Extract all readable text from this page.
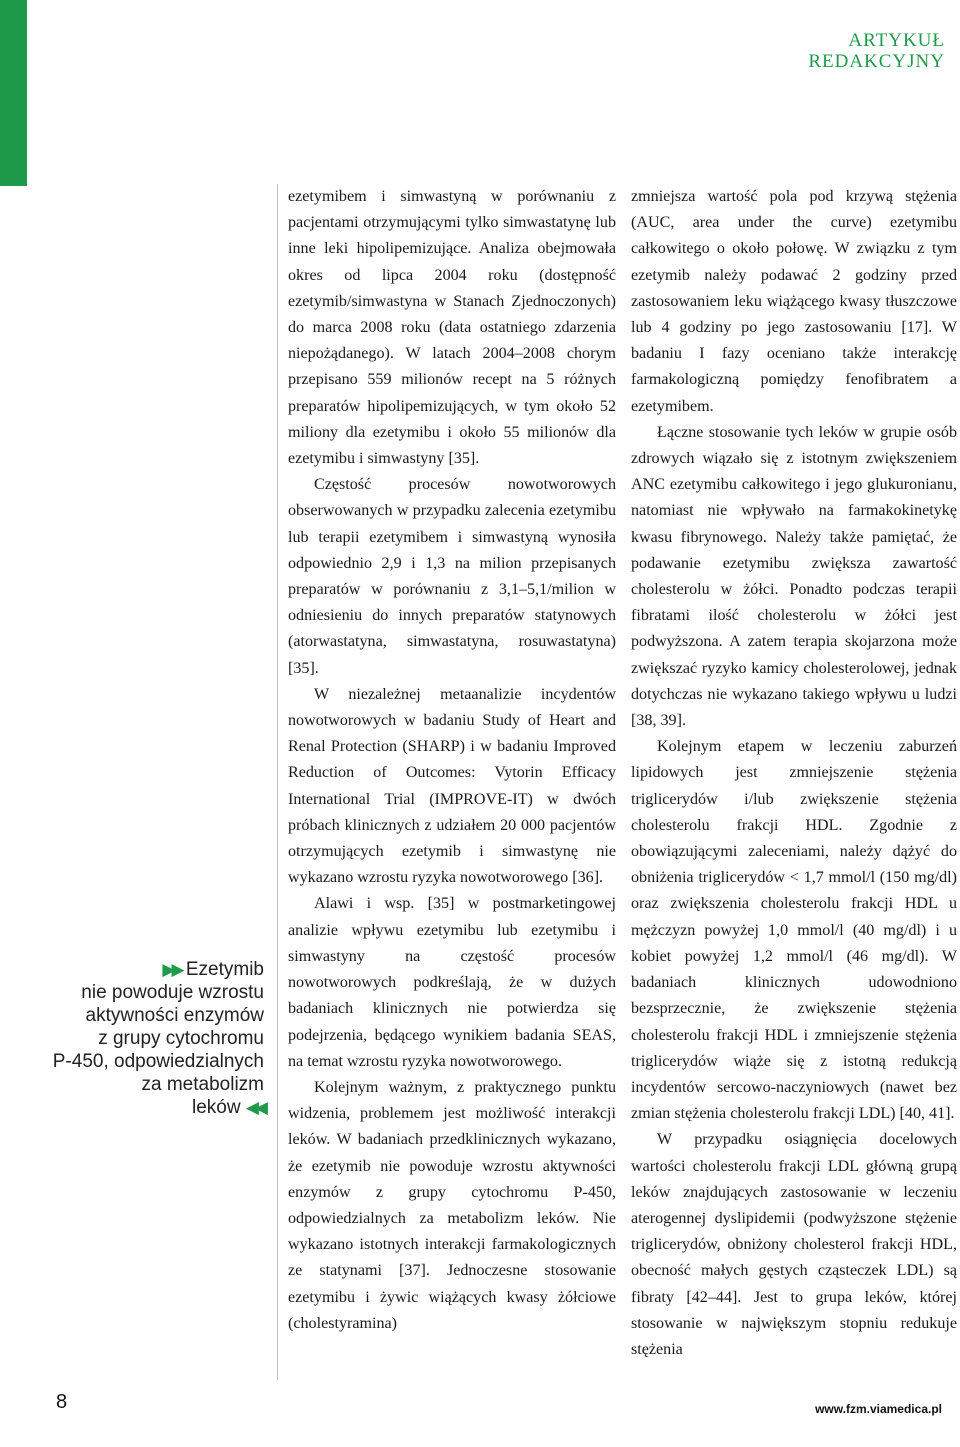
ARTYKUŁ
REDAKCYJNY
▶▶ Ezetymib
nie powoduje wzrostu
aktywności enzymów
z grupy cytochromu
P-450, odpowiedzialnych
za metabolizm
leków ◀◀

ezetymibem i simwastyną w porównaniu z pacjentami otrzymującymi tylko simwastatynę lub inne leki hipolipemizujące. Analiza obejmowała okres od lipca 2004 roku (dostępność ezetymib/simwastyna w Stanach Zjednoczonych) do marca 2008 roku (data ostatniego zdarzenia niepożądanego). W latach 2004–2008 chorym przepisano 559 milionów recept na 5 różnych preparatów hipolipemizujących, w tym około 52 miliony dla ezetymibu i około 55 milionów dla ezetymibu i simwastyny [35].

Częstość procesów nowotworowych obserwowanych w przypadku zalecenia ezetymibu lub terapii ezetymibem i simwastyną wynosiła odpowiednio 2,9 i 1,3 na milion przepisanych preparatów w porównaniu z 3,1–5,1/milion w odniesieniu do innych preparatów statynowych (atorwastatyna, simwastatyna, rosuwastatyna) [35].

W niezależnej metaanalizie incydentów nowotworowych w badaniu Study of Heart and Renal Protection (SHARP) i w badaniu Improved Reduction of Outcomes: Vytorin Efficacy International Trial (IMPROVE-IT) w dwóch próbach klinicznych z udziałem 20 000 pacjentów otrzymujących ezetymib i simwastynę nie wykazano wzrostu ryzyka nowotworowego [36].

Alawi i wsp. [35] w postmarketingowej analizie wpływu ezetymibu lub ezetymibu i simwastyny na częstość procesów nowotworowych podkreślają, że w dużych badaniach klinicznych nie potwierdza się podejrzenia, będącego wynikiem badania SEAS, na temat wzrostu ryzyka nowotworowego.

Kolejnym ważnym, z praktycznego punktu widzenia, problemem jest możliwość interakcji leków. W badaniach przedklinicznych wykazano, że ezetymib nie powoduje wzrostu aktywności enzymów z grupy cytochromu P-450, odpowiedzialnych za metabolizm leków. Nie wykazano istotnych interakcji farmakologicznych ze statynami [37]. Jednoczesne stosowanie ezetymibu i żywic wiążących kwasy żółciowe (cholestyramina)

zmniejsza wartość pola pod krzywą stężenia (AUC, area under the curve) ezetymibu całkowitego o około połowę. W związku z tym ezetymib należy podawać 2 godziny przed zastosowaniem leku wiążącego kwasy tłuszczowe lub 4 godziny po jego zastosowaniu [17]. W badaniu I fazy oceniano także interakcję farmakologiczną pomiędzy fenofibratem a ezetymibem.

Łączne stosowanie tych leków w grupie osób zdrowych wiązało się z istotnym zwiększeniem ANC ezetymibu całkowitego i jego glukuronianu, natomiast nie wpływało na farmakokinetykę kwasu fibrynowego. Należy także pamiętać, że podawanie ezetymibu zwiększa zawartość cholesterolu w żółci. Ponadto podczas terapii fibratami ilość cholesterolu w żółci jest podwyższona. A zatem terapia skojarzona może zwiększać ryzyko kamicy cholesterolowej, jednak dotychczas nie wykazano takiego wpływu u ludzi [38, 39].

Kolejnym etapem w leczeniu zaburzeń lipidowych jest zmniejszenie stężenia triglicerydów i/lub zwiększenie stężenia cholesterolu frakcji HDL. Zgodnie z obowiązującymi zaleceniami, należy dążyć do obniżenia triglicerydów < 1,7 mmol/l (150 mg/dl) oraz zwiększenia cholesterolu frakcji HDL u mężczyzn powyżej 1,0 mmol/l (40 mg/dl) i u kobiet powyżej 1,2 mmol/l (46 mg/dl). W badaniach klinicznych udowodniono bezsprzecznie, że zwiększenie stężenia cholesterolu frakcji HDL i zmniejszenie stężenia triglicerydów wiąże się z istotną redukcją incydentów sercowo-naczyniowych (nawet bez zmian stężenia cholesterolu frakcji LDL) [40, 41].

W przypadku osiągnięcia docelowych wartości cholesterolu frakcji LDL główną grupą leków znajdujących zastosowanie w leczeniu aterogennej dyslipidemii (podwyższone stężenie triglicerydów, obniżony cholesterol frakcji HDL, obecność małych gęstych cząsteczek LDL) są fibraty [42–44]. Jest to grupa leków, której stosowanie w największym stopniu redukuje stężenia

8	www.fzm.viamedica.pl
